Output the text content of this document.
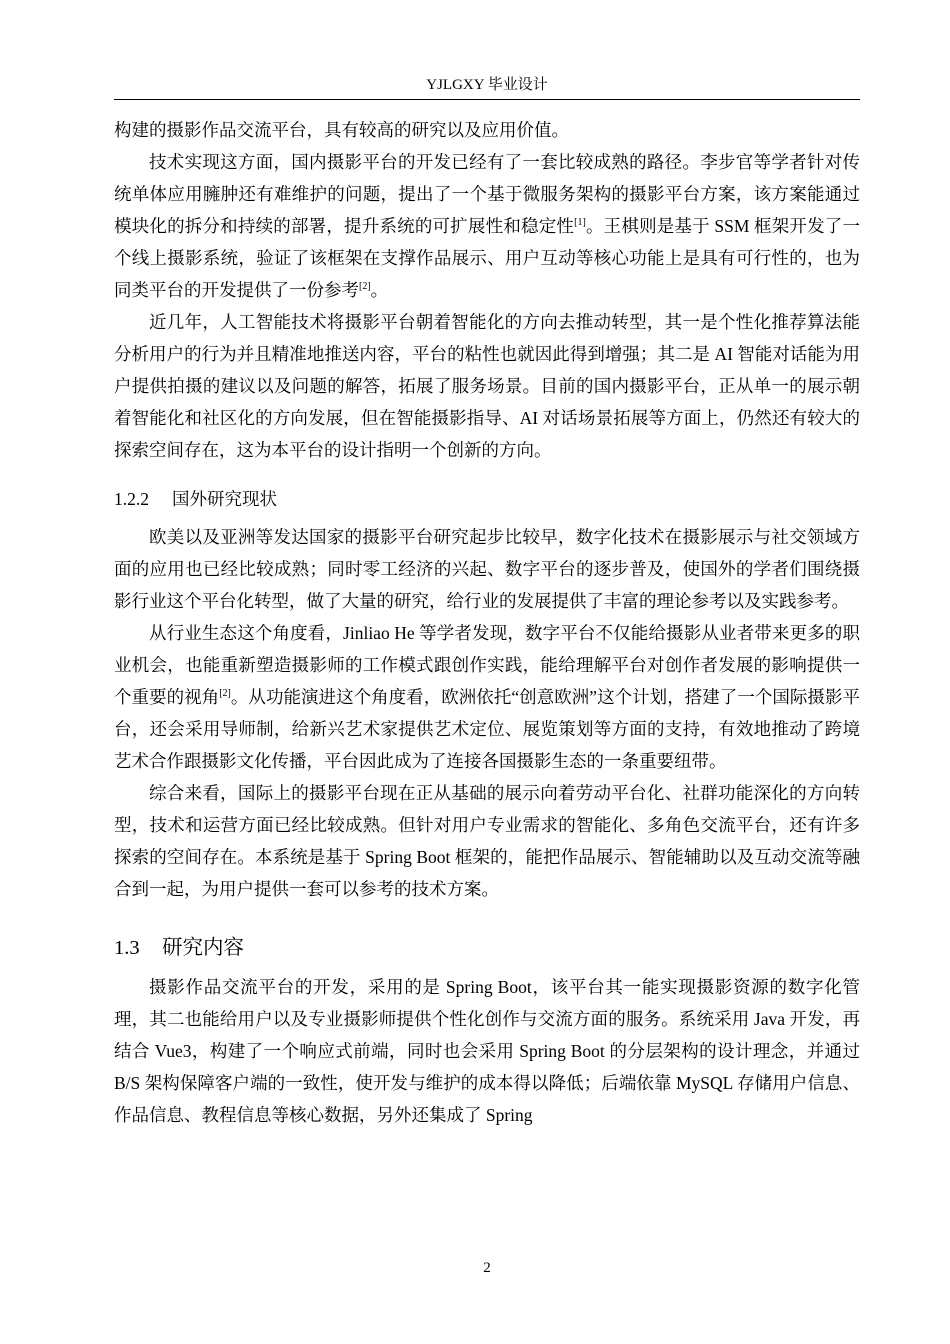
YJLGXY 毕业设计

构建的摄影作品交流平台，具有较高的研究以及应用价值。

技术实现这方面，国内摄影平台的开发已经有了一套比较成熟的路径。李步官等学者针对传统单体应用臃肿还有难维护的问题，提出了一个基于微服务架构的摄影平台方案，该方案能通过模块化的拆分和持续的部署，提升系统的可扩展性和稳定性[1]。王棋则是基于 SSM 框架开发了一个线上摄影系统，验证了该框架在支撑作品展示、用户互动等核心功能上是具有可行性的，也为同类平台的开发提供了一份参考[2]。

近几年，人工智能技术将摄影平台朝着智能化的方向去推动转型，其一是个性化推荐算法能分析用户的行为并且精准地推送内容，平台的粘性也就因此得到增强；其二是 AI 智能对话能为用户提供拍摄的建议以及问题的解答，拓展了服务场景。目前的国内摄影平台，正从单一的展示朝着智能化和社区化的方向发展，但在智能摄影指导、AI 对话场景拓展等方面上，仍然还有较大的探索空间存在，这为本平台的设计指明一个创新的方向。

1.2.2 国外研究现状

欧美以及亚洲等发达国家的摄影平台研究起步比较早，数字化技术在摄影展示与社交领域方面的应用也已经比较成熟；同时零工经济的兴起、数字平台的逐步普及，使国外的学者们围绕摄影行业这个平台化转型，做了大量的研究，给行业的发展提供了丰富的理论参考以及实践参考。

从行业生态这个角度看，Jinliao He 等学者发现，数字平台不仅能给摄影从业者带来更多的职业机会，也能重新塑造摄影师的工作模式跟创作实践，能给理解平台对创作者发展的影响提供一个重要的视角[2]。从功能演进这个角度看，欧洲依托“创意欧洲”这个计划，搭建了一个国际摄影平台，还会采用导师制，给新兴艺术家提供艺术定位、展览策划等方面的支持，有效地推动了跨境艺术合作跟摄影文化传播，平台因此成为了连接各国摄影生态的一条重要纽带。

综合来看，国际上的摄影平台现在正从基础的展示向着劳动平台化、社群功能深化的方向转型，技术和运营方面已经比较成熟。但针对用户专业需求的智能化、多角色交流平台，还有许多探索的空间存在。本系统是基于 Spring Boot 框架的，能把作品展示、智能辅助以及互动交流等融合到一起，为用户提供一套可以参考的技术方案。

1.3 研究内容

摄影作品交流平台的开发，采用的是 Spring Boot，该平台其一能实现摄影资源的数字化管理，其二也能给用户以及专业摄影师提供个性化创作与交流方面的服务。系统采用 Java 开发，再结合 Vue3，构建了一个响应式前端，同时也会采用 Spring Boot 的分层架构的设计理念，并通过 B/S 架构保障客户端的一致性，使开发与维护的成本得以降低；后端依靠 MySQL 存储用户信息、作品信息、教程信息等核心数据，另外还集成了 Spring

2
